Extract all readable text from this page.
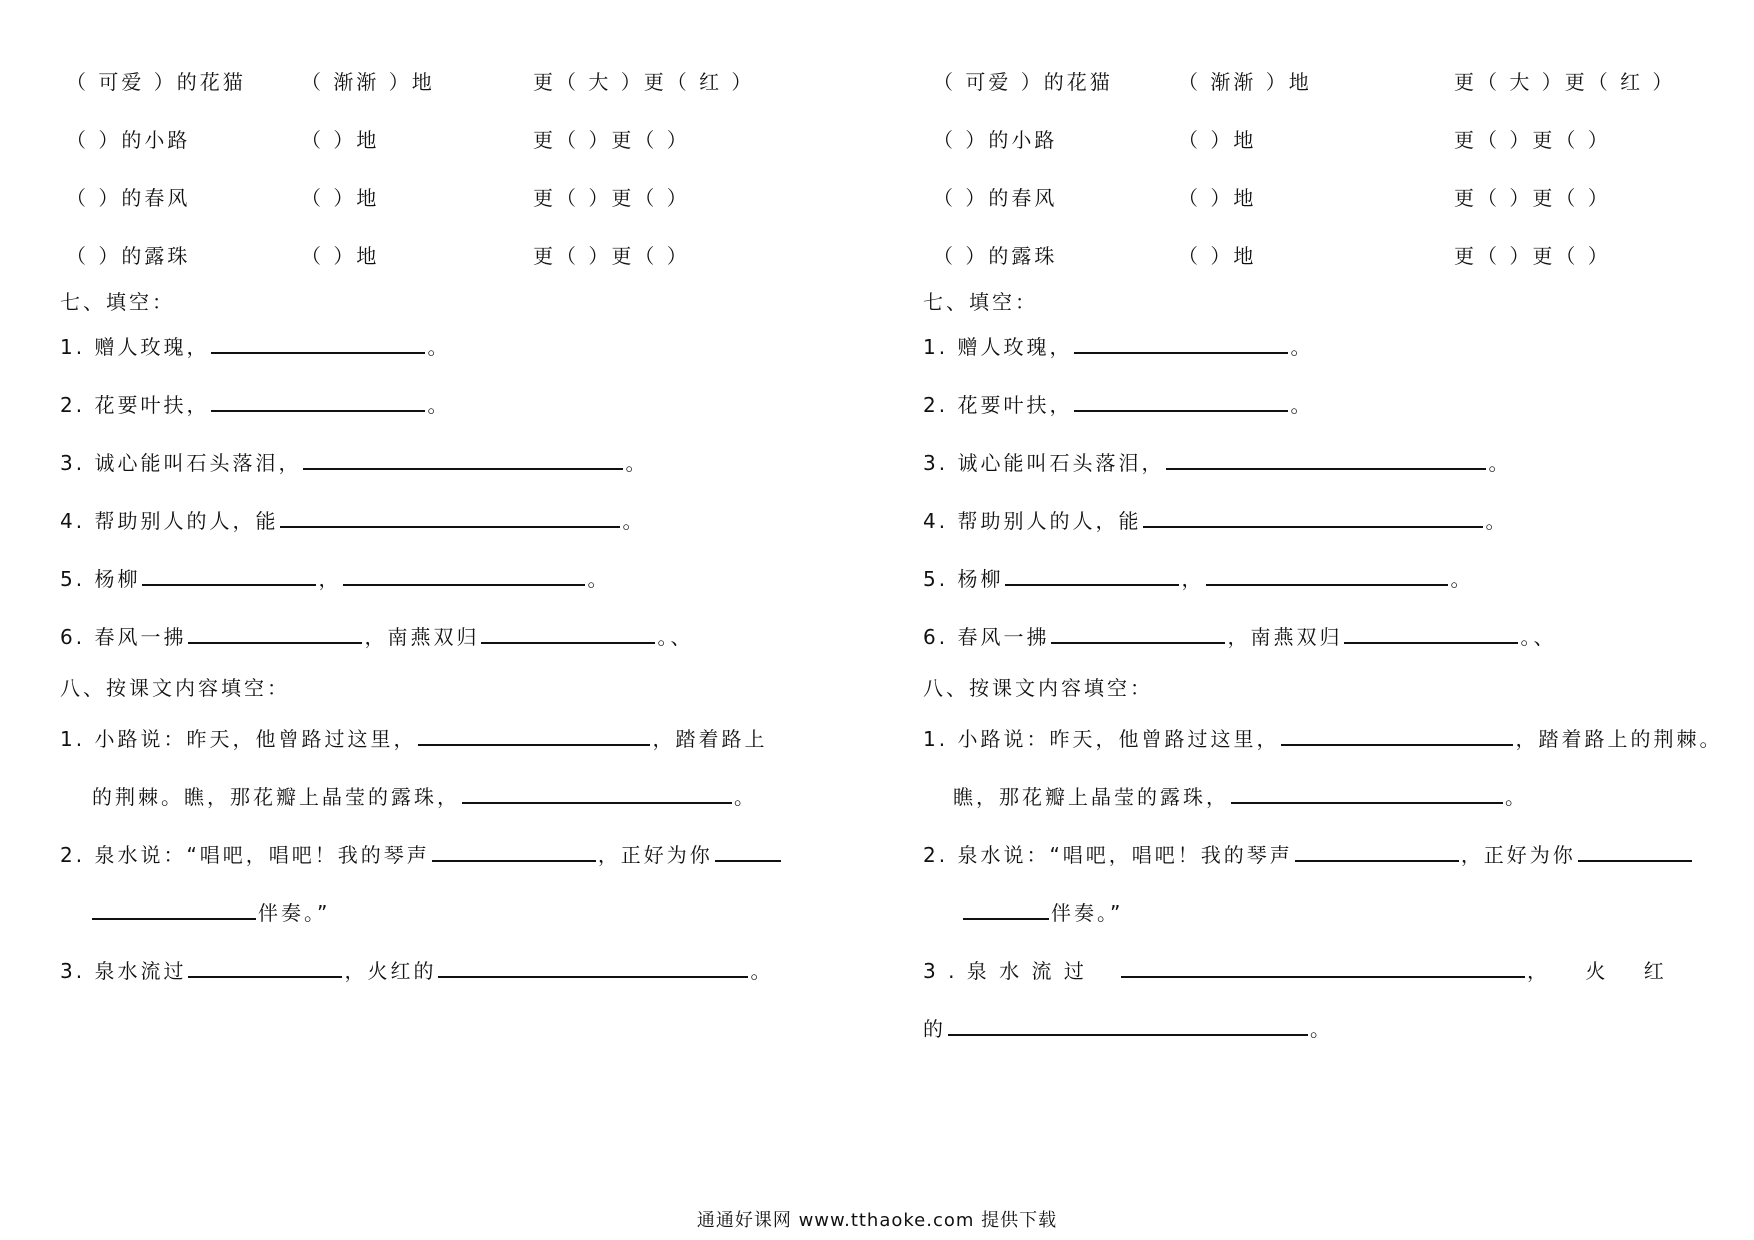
（ 可爱 ）的花猫	（ 渐渐 ）地	更（ 大 ）更（ 红 ）
（ ）的小路	（ ）地	更（ ）更（ ）
（ ）的春风	（ ）地	更（ ）更（ ）
（ ）的露珠	（ ）地	更（ ）更（ ）
七、填空：
1. 赠人玫瑰，	。
2. 花要叶扶，	。
3. 诚心能叫石头落泪，	。
4. 帮助别人的人，能	。
5. 杨柳	，	。
6. 春风一拂	，南燕双归	。、
八、按课文内容填空：
1. 小路说：昨天，他曾路过这里，	，踏着路上
的荆棘。瞧，那花瓣上晶莹的露珠，	。
2. 泉水说：“唱吧，唱吧！我的琴声	，正好为你
伴奏。”
3. 泉水流过	，火红的	。
（ 可爱 ）的花猫	（ 渐渐 ）地	更（ 大 ）更（ 红 ）
（ ）的小路	（ ）地	更（ ）更（ ）
（ ）的春风	（ ）地	更（ ）更（ ）
（ ）的露珠	（ ）地	更（ ）更（ ）
七、填空：
1. 赠人玫瑰，	。
2. 花要叶扶，	。
3. 诚心能叫石头落泪，	。
4. 帮助别人的人，能	。
5. 杨柳	，	。
6. 春风一拂	，南燕双归	。、
八、按课文内容填空：
1. 小路说：昨天，他曾路过这里，	，踏着路上的荆棘。
瞧，那花瓣上晶莹的露珠，	。
2. 泉水说：“唱吧，唱吧！我的琴声	，正好为你
伴奏。”
3 . 泉 水 流 过	， 火 红
的	。
通通好课网 www.tthaoke.com 提供下载
